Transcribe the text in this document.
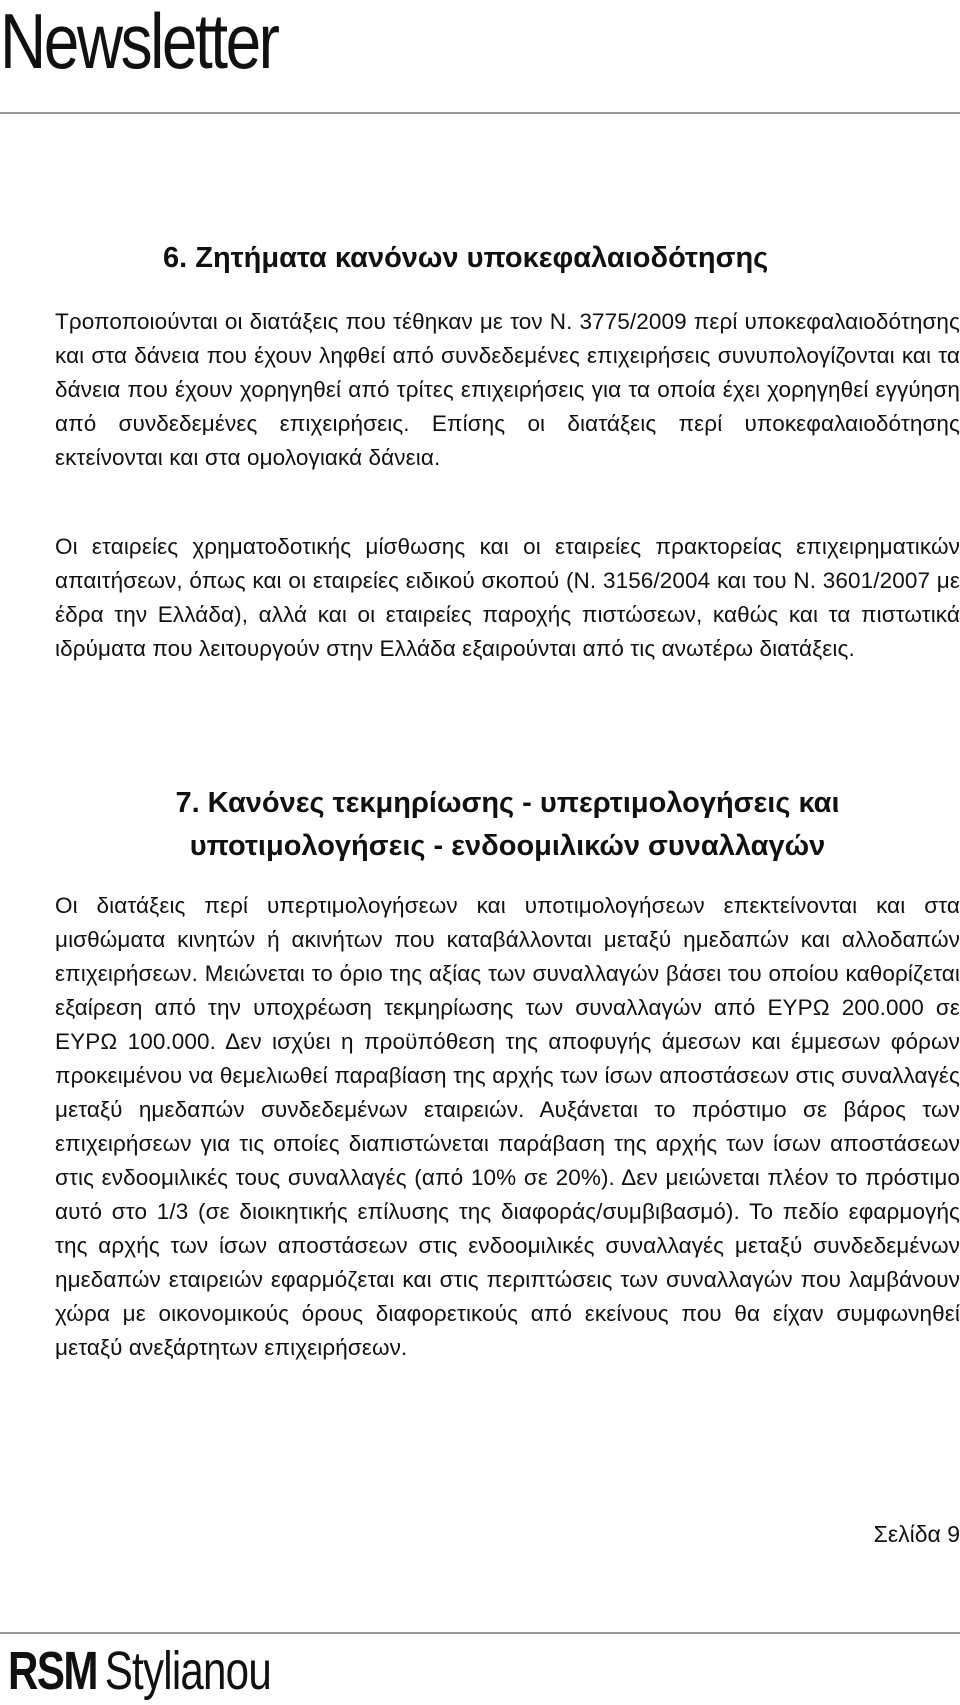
Newsletter
6. Ζητήματα κανόνων υποκεφαλαιοδότησης

Τροποποιούνται οι διατάξεις που τέθηκαν με τον Ν. 3775/2009 περί υποκεφαλαιοδότησης και στα δάνεια που έχουν ληφθεί από συνδεδεμένες επιχειρήσεις συνυπολογίζονται και τα δάνεια που έχουν χορηγηθεί από τρίτες επιχειρήσεις για τα οποία έχει χορηγηθεί εγγύηση από συνδεδεμένες επιχειρήσεις. Επίσης οι διατάξεις περί υποκεφαλαιοδότησης εκτείνονται και στα ομολογιακά δάνεια.

Οι εταιρείες χρηματοδοτικής μίσθωσης και οι εταιρείες πρακτορείας επιχειρηματικών απαιτήσεων, όπως και οι εταιρείες ειδικού σκοπού (Ν. 3156/2004 και του Ν. 3601/2007 με έδρα την Ελλάδα), αλλά και οι εταιρείες παροχής πιστώσεων, καθώς και τα πιστωτικά ιδρύματα που λειτουργούν στην Ελλάδα εξαιρούνται από τις ανωτέρω διατάξεις.

7. Κανόνες τεκμηρίωσης - υπερτιμολογήσεις και
υποτιμολογήσεις - ενδοομιλικών συναλλαγών

Οι διατάξεις περί υπερτιμολογήσεων και υποτιμολογήσεων επεκτείνονται και στα μισθώματα κινητών ή ακινήτων που καταβάλλονται μεταξύ ημεδαπών και αλλοδαπών επιχειρήσεων. Μειώνεται το όριο της αξίας των συναλλαγών βάσει του οποίου καθορίζεται εξαίρεση από την υποχρέωση τεκμηρίωσης των συναλλαγών από ΕΥΡΩ 200.000 σε ΕΥΡΩ 100.000. Δεν ισχύει η προϋπόθεση της αποφυγής άμεσων και έμμεσων φόρων προκειμένου να θεμελιωθεί παραβίαση της αρχής των ίσων αποστάσεων στις συναλλαγές μεταξύ ημεδαπών συνδεδεμένων εταιρειών. Αυξάνεται το πρόστιμο σε βάρος των επιχειρήσεων για τις οποίες διαπιστώνεται παράβαση της αρχής των ίσων αποστάσεων στις ενδοομιλικές τους συναλλαγές (από 10% σε 20%). Δεν μειώνεται πλέον το πρόστιμο αυτό στο 1/3 (σε διοικητικής επίλυσης της διαφοράς/συμβιβασμό). Το πεδίο εφαρμογής της αρχής των ίσων αποστάσεων στις ενδοομιλικές συναλλαγές μεταξύ συνδεδεμένων ημεδαπών εταιρειών εφαρμόζεται και στις περιπτώσεις των συναλλαγών που λαμβάνουν χώρα με οικονομικούς όρους διαφορετικούς από εκείνους που θα είχαν συμφωνηθεί μεταξύ ανεξάρτητων επιχειρήσεων.

Σελίδα 9
RSM Stylianou
